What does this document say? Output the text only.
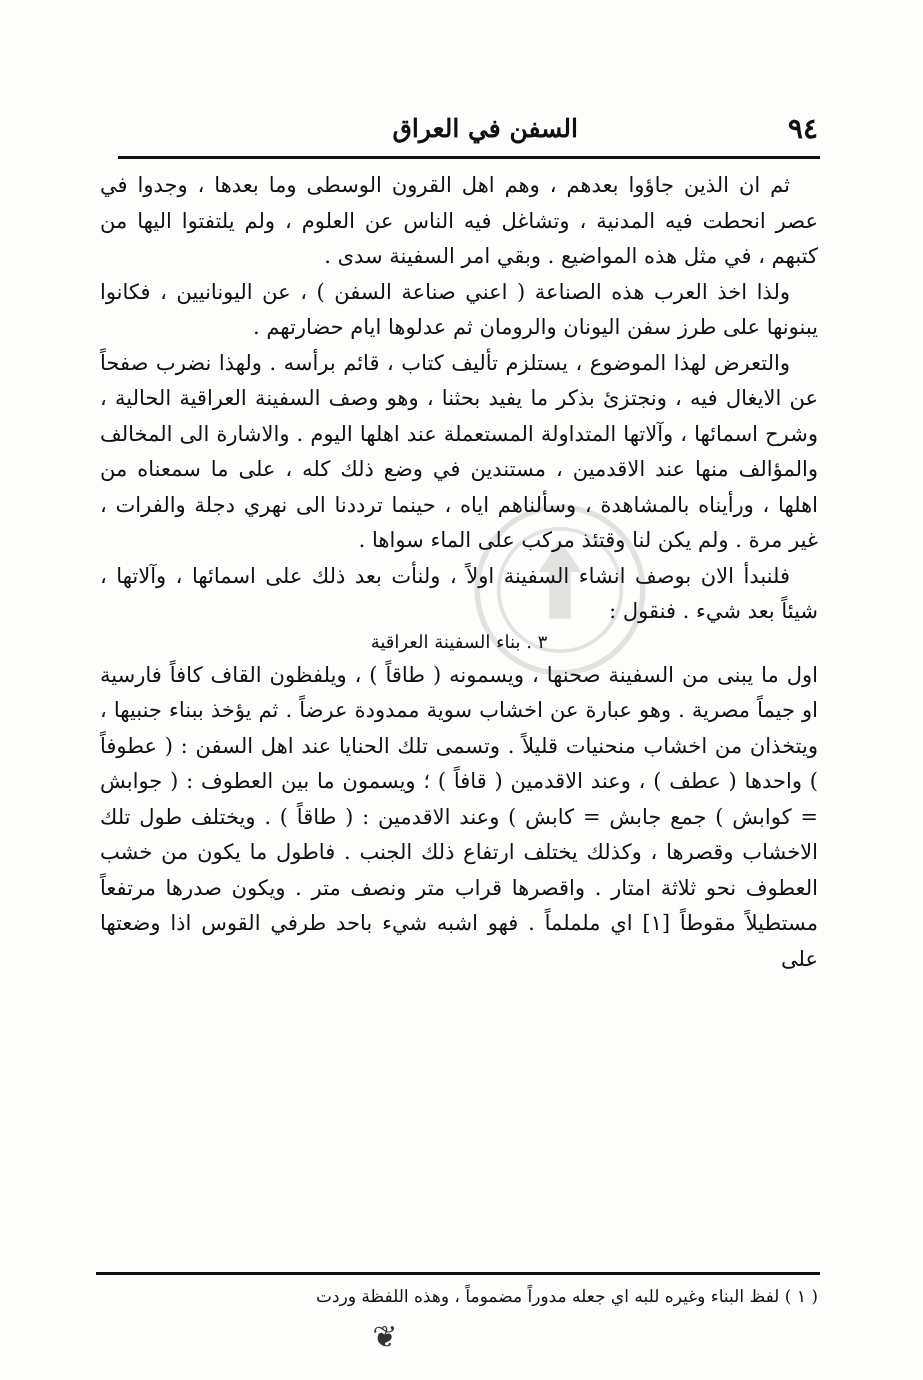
٩٤
السفن في العراق

ثم ان الذين جاؤوا بعدهم ، وهم اهل القرون الوسطى وما بعدها ، وجدوا في عصر انحطت فيه المدنية ، وتشاغل فيه الناس عن العلوم ، ولم يلتفتوا اليها من كتبهم ، في مثل هذه المواضيع . وبقي امر السفينة سدى .

ولذا اخذ العرب هذه الصناعة ( اعني صناعة السفن ) ، عن اليونانيين ، فكانوا يبنونها على طرز سفن اليونان والرومان ثم عدلوها ايام حضارتهم .

والتعرض لهذا الموضوع ، يستلزم تأليف كتاب ، قائم برأسه . ولهذا نضرب صفحاً عن الايغال فيه ، ونجتزئ بذكر ما يفيد بحثنا ، وهو وصف السفينة العراقية الحالية ، وشرح اسمائها ، وآلاتها المتداولة المستعملة عند اهلها اليوم . والاشارة الى المخالف والمؤالف منها عند الاقدمين ، مستندين في وضع ذلك كله ، على ما سمعناه من اهلها ، ورأيناه بالمشاهدة ، وسألناهم اياه ، حينما ترددنا الى نهري دجلة والفرات ، غير مرة . ولم يكن لنا وقتئذ مركب على الماء سواها .

فلنبدأ الان بوصف انشاء السفينة اولاً ، ولنأت بعد ذلك على اسمائها ، وآلاتها ، شيئاً بعد شيء . فنقول :

٣ . بناء السفينة العراقية

اول ما يبنى من السفينة صحنها ، ويسمونه ( طاقاً ) ، ويلفظون القاف كافاً فارسية او جيماً مصرية . وهو عبارة عن اخشاب سوية ممدودة عرضاً . ثم يؤخذ ببناء جنبيها ، ويتخذان من اخشاب منحنيات قليلاً . وتسمى تلك الحنايا عند اهل السفن : ( عطوفاً ) واحدها ( عطف ) ، وعند الاقدمين ( قافاً ) ؛ ويسمون ما بين العطوف : ( جوابش = كوابش ) جمع جابش = كابش ) وعند الاقدمين : ( طاقاً ) . ويختلف طول تلك الاخشاب وقصرها ، وكذلك يختلف ارتفاع ذلك الجنب . فاطول ما يكون من خشب العطوف نحو ثلاثة امتار . واقصرها قراب متر ونصف متر . ويكون صدرها مرتفعاً مستطيلاً مقوطاً [١] اي ململماً . فهو اشبه شيء باحد طرفي القوس اذا وضعتها على

( ١ ) لفظ البناء وغيره للبه اي جعله مدوراً مضموماً ، وهذه اللفظة وردت
❦
